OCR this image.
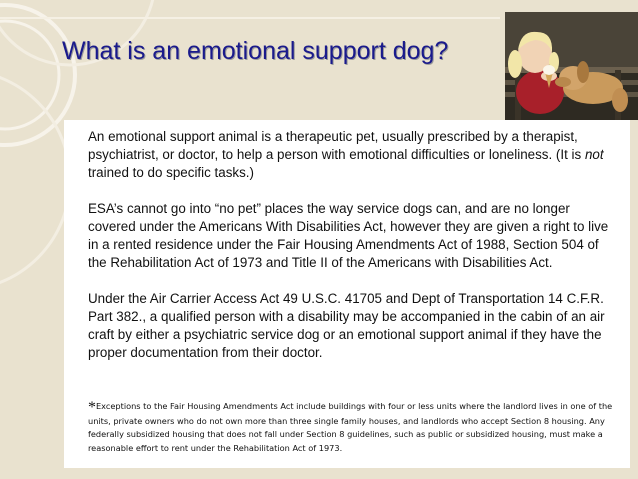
What is an emotional support dog?

An emotional support animal is a therapeutic pet, usually prescribed by a therapist, psychiatrist, or doctor, to help a person with emotional difficulties or loneliness. (It is not trained to do specific tasks.)

ESA’s cannot go into “no pet” places the way service dogs can, and are no longer covered under the Americans With Disabilities Act, however they are given a right to live in a rented residence under the Fair Housing Amendments Act of 1988, Section 504 of the Rehabilitation Act of 1973 and Title II of the Americans with Disabilities Act.

Under the Air Carrier Access Act 49 U.S.C. 41705 and Dept of Transportation 14 C.F.R. Part 382., a qualified person with a disability may be accompanied in the cabin of an air craft by either a psychiatric service dog or an emotional support animal if they have the proper documentation from their doctor.

*Exceptions to the Fair Housing Amendments Act include buildings with four or less units where the landlord lives in one of the units, private owners who do not own more than three single family houses, and landlords who accept Section 8 housing. Any federally subsidized housing that does not fall under Section 8 guidelines, such as public or subsidized housing, must make a reasonable effort to rent under the Rehabilitation Act of 1973.
